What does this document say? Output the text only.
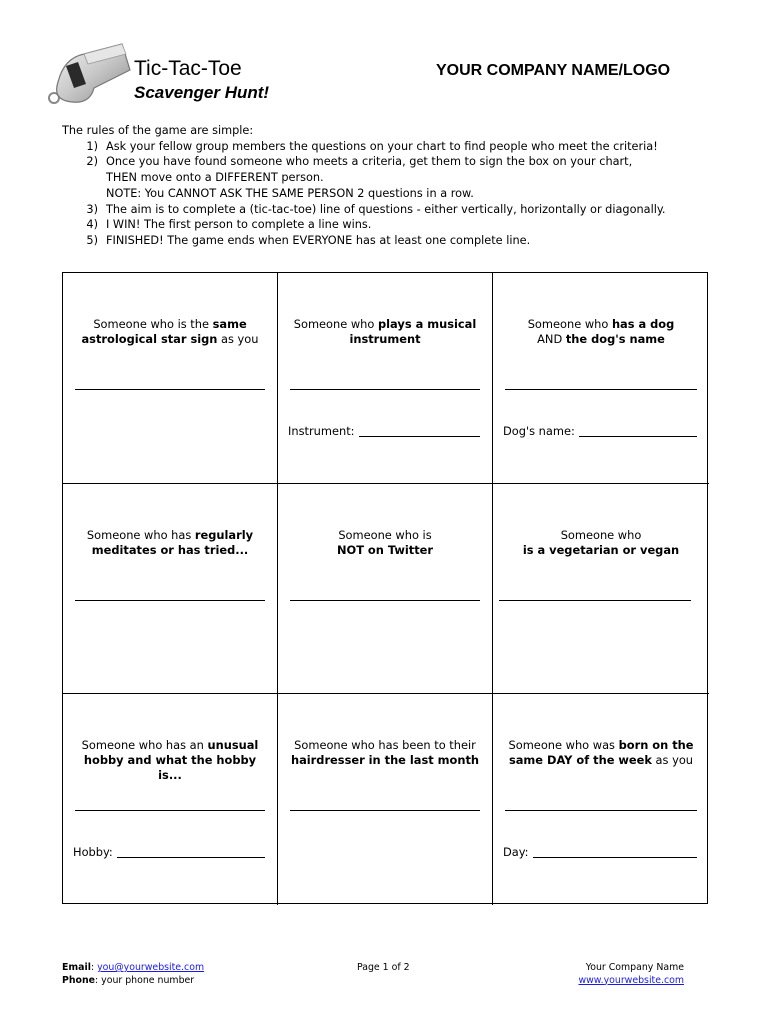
Tic-Tac-Toe
Scavenger Hunt!
YOUR COMPANY NAME/LOGO

The rules of the game are simple:

1) Ask your fellow group members the questions on your chart to find people who meet the criteria!
2) Once you have found someone who meets a criteria, get them to sign the box on your chart,
THEN move onto a DIFFERENT person.
NOTE: You CANNOT ASK THE SAME PERSON 2 questions in a row.
3) The aim is to complete a (tic-tac-toe) line of questions - either vertically, horizontally or diagonally.
4) I WIN! The first person to complete a line wins.
5) FINISHED! The game ends when EVERYONE has at least one complete line.
Someone who is the same astrological star sign as you
Someone who plays a musical instrument
Instrument:
Someone who has a dog
AND the dog's name
Dog's name:
Someone who has regularly meditates or has tried...
Someone who is
NOT on Twitter
Someone who
is a vegetarian or vegan
Someone who has an unusual hobby and what the hobby is...
Hobby:
Someone who has been to their hairdresser in the last month
Someone who was born on the same DAY of the week as you
Day:
Email: you@yourwebsite.com
Phone: your phone number
Page 1 of 2	Your Company Name
www.yourwebsite.com
